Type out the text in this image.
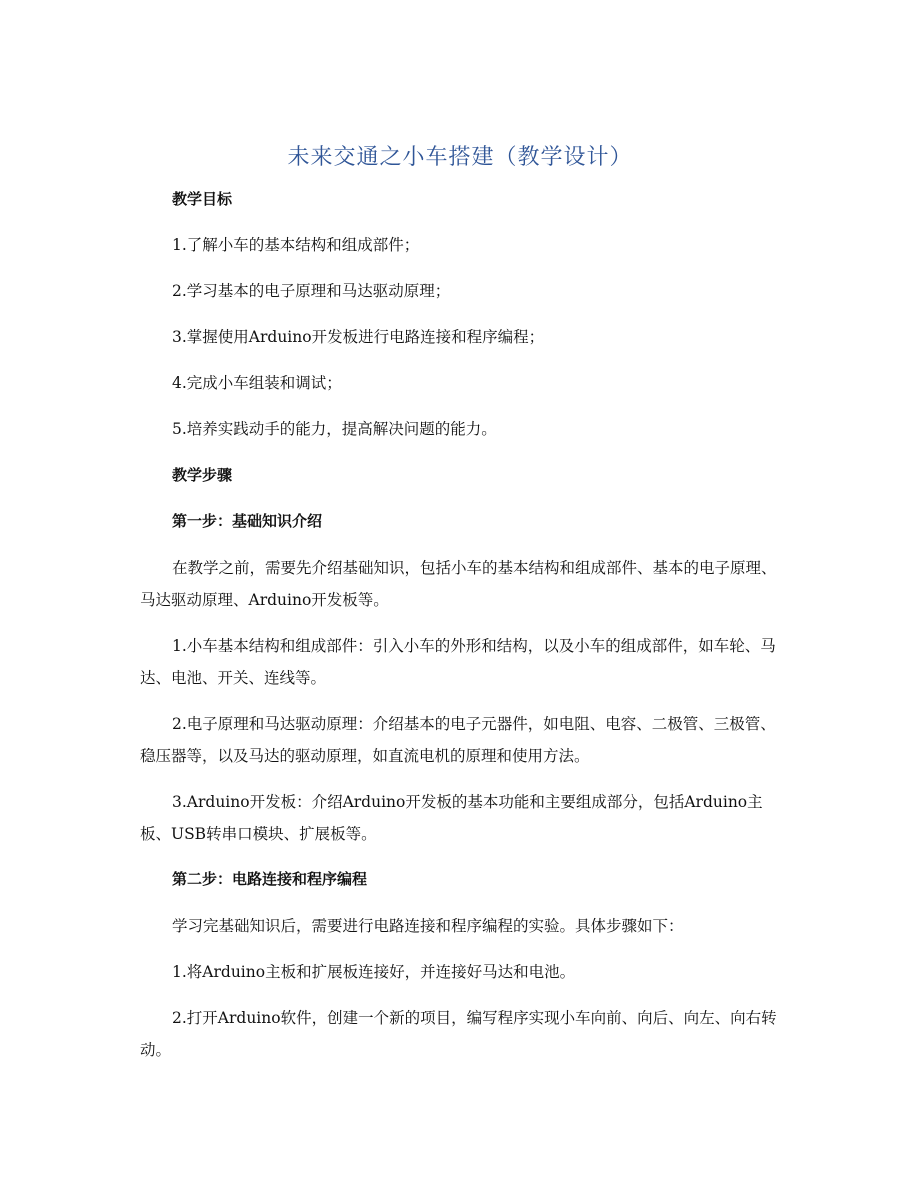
未来交通之小车搭建（教学设计）
教学目标
1.了解小车的基本结构和组成部件；
2.学习基本的电子原理和马达驱动原理；
3.掌握使用Arduino开发板进行电路连接和程序编程；
4.完成小车组装和调试；
5.培养实践动手的能力，提高解决问题的能力。
教学步骤
第一步：基础知识介绍
在教学之前，需要先介绍基础知识，包括小车的基本结构和组成部件、基本的电子原理、马达驱动原理、Arduino开发板等。
1.小车基本结构和组成部件：引入小车的外形和结构，以及小车的组成部件，如车轮、马达、电池、开关、连线等。
2.电子原理和马达驱动原理：介绍基本的电子元器件，如电阻、电容、二极管、三极管、稳压器等，以及马达的驱动原理，如直流电机的原理和使用方法。
3.Arduino开发板：介绍Arduino开发板的基本功能和主要组成部分，包括Arduino主板、USB转串口模块、扩展板等。
第二步：电路连接和程序编程
学习完基础知识后，需要进行电路连接和程序编程的实验。具体步骤如下：
1.将Arduino主板和扩展板连接好，并连接好马达和电池。
2.打开Arduino软件，创建一个新的项目，编写程序实现小车向前、向后、向左、向右转动。
